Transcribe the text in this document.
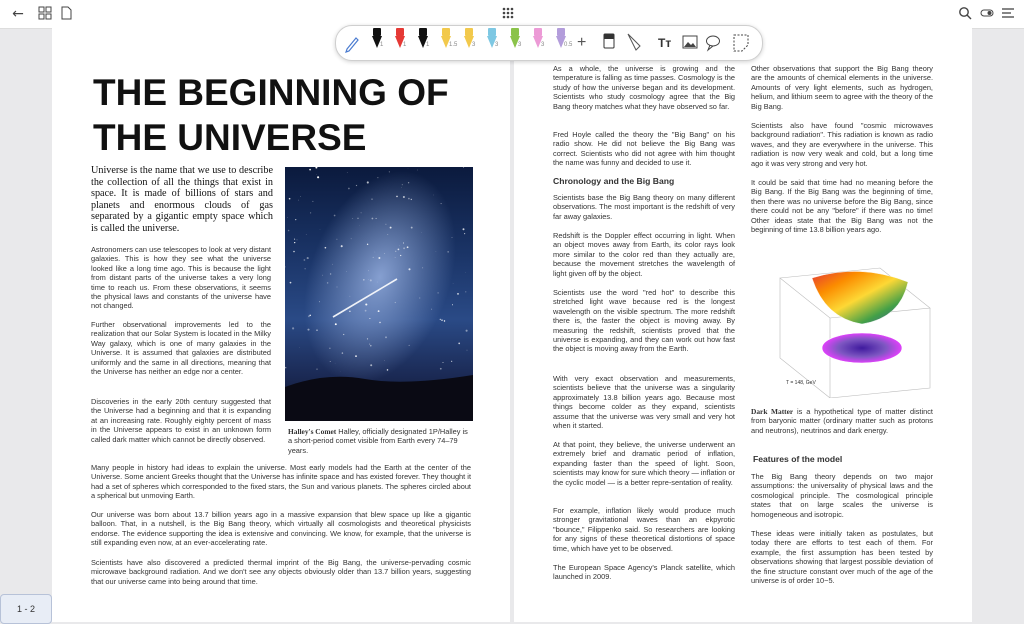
←
1	1	1	1.5 3	3	3	3	0.5 +	Tт
THE BEGINNING OF THE UNIVERSE

Universe is the name that we use to describe the collection of all the things that exist in space. It is made of billions of stars and planets and enormous clouds of gas separated by a gigantic empty space which is called the universe.

Astronomers can use telescopes to look at very distant galaxies. This is how they see what the universe looked like a long time ago. This is because the light from distant parts of the universe takes a very long time to reach us. From these observations, it seems the physical laws and constants of the universe have not changed.

Further observational improvements led to the realization that our Solar System is located in the Milky Way galaxy, which is one of many galaxies in the Universe. It is assumed that galaxies are distributed uniformly and the same in all directions, meaning that the Universe has neither an edge nor a center.

Discoveries in the early 20th century suggested that the Universe had a beginning and that it is expanding at an increasing rate. Roughly eighty percent of mass in the Universe appears to exist in an unknown form called dark matter which cannot be directly observed.

Halley's Comet Halley, officially designated 1P/Halley is a short-period comet visible from Earth every 74–79 years.

Many people in history had ideas to explain the universe. Most early models had the Earth at the center of the Universe. Some ancient Greeks thought that the Universe has infinite space and has existed forever. They thought it had a set of spheres which corresponded to the fixed stars, the Sun and various planets. The spheres circled about a spherical but unmoving Earth.

Our universe was born about 13.7 billion years ago in a massive expansion that blew space up like a gigantic balloon. That, in a nutshell, is the Big Bang theory, which virtually all cosmologists and theoretical physicists endorse. The evidence supporting the idea is extensive and convincing. We know, for example, that the universe is still expanding even now, at an ever-accelerating rate.

Scientists have also discovered a predicted thermal imprint of the Big Bang, the universe-pervading cosmic microwave background radiation. And we don't see any objects obviously older than 13.7 billion years, suggesting that our universe came into being around that time.

As a whole, the universe is growing and the temperature is falling as time passes. Cosmology is the study of how the universe began and its development. Scientists who study cosmology agree that the Big Bang theory matches what they have observed so far.

Fred Hoyle called the theory the "Big Bang" on his radio show. He did not believe the Big Bang was correct. Scientists who did not agree with him thought the name was funny and decided to use it.

Chronology and the Big Bang

Scientists base the Big Bang theory on many different observations. The most important is the redshift of very far away galaxies.

Redshift is the Doppler effect occurring in light. When an object moves away from Earth, its color rays look more similar to the color red than they actually are, because the movement stretches the wavelength of light given off by the object.

Scientists use the word "red hot" to describe this stretched light wave because red is the longest wavelength on the visible spectrum. The more redshift there is, the faster the object is moving away. By measuring the redshift, scientists proved that the universe is expanding, and they can work out how fast the object is moving away from the Earth.

With very exact observation and measurements, scientists believe that the universe was a singularity approximately 13.8 billion years ago. Because most things become colder as they expand, scientists assume that the universe was very small and very hot when it started.

At that point, they believe, the universe underwent an extremely brief and dramatic period of inflation, expanding faster than the speed of light. Soon, scientists may know for sure which theory — inflation or the cyclic model — is a better repre-sentation of reality.

For example, inflation likely would produce much stronger gravitational waves than an ekpyrotic "bounce," Filippenko said. So researchers are looking for any signs of these theoretical distortions of space time, which have yet to be observed.

The European Space Agency's Planck satellite, which launched in 2009.

Other observations that support the Big Bang theory are the amounts of chemical elements in the universe. Amounts of very light elements, such as hydrogen, helium, and lithium seem to agree with the theory of the Big Bang.

Scientists also have found "cosmic microwaves background radiation". This radiation is known as radio waves, and they are everywhere in the universe. This radiation is now very weak and cold, but a long time ago it was very strong and very hot.

It could be said that time had no meaning before the Big Bang. If the Big Bang was the beginning of time, then there was no universe before the Big Bang, since there could not be any "before" if there was no time! Other ideas state that the Big Bang was not the beginning of time 13.8 billion years ago.

T = 148, GeV

Dark Matter is a hypothetical type of matter distinct from baryonic matter (ordinary matter such as protons and neutrons), neutrinos and dark energy.

Features of the model

The Big Bang theory depends on two major assumptions: the universality of physical laws and the cosmological principle. The cosmological principle states that on large scales the universe is homogeneous and isotropic.

These ideas were initially taken as postulates, but today there are efforts to test each of them. For example, the first assumption has been tested by observations showing that largest possible deviation of the fine structure constant over much of the age of the universe is of order 10−5.

1 - 2
